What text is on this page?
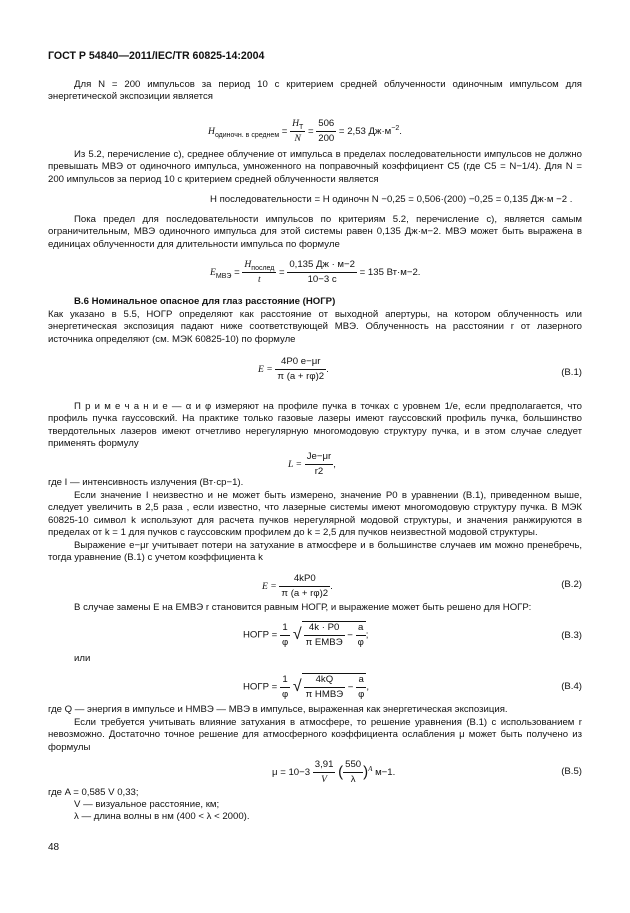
ГОСТ Р 54840—2011/IEC/TR 60825-14:2004

Для N = 200 импульсов за период 10 с критерием средней облученности одиночным импульсом для энергетической экспозиции является

$H_{одиночн. в среднем} = \frac{H_T}{N} = \frac{506}{200} = 2,53$ $Дж\cdot м^{-2}$.

Из 5.2, перечисление с), среднее облучение от импульса в пределах последовательности импульсов не должно превышать МВЭ от одиночного импульса, умноженного на поправочный коэффициент C5 (где C5 = N−1/4). Для N = 200 импульсов за период 10 с критерием средней облученности является

H последовательности = H одиночн N −0,25 = 0,506·(200) −0,25 = 0,135 Дж·м −2 .

Пока предел для последовательности импульсов по критериям 5.2, перечисление с), является самым ограничительным, МВЭ одиночного импульса для этой системы равен 0,135 Дж·м−2. МВЭ может быть выражена в единицах облученности для длительности импульса по формуле

$E_{МВЭ}$ =
$H_{послед}$
t
=
0,135 Дж · м−2
10−3 с
= 135 Вт·м−2.
В.6 Номинальное опасное для глаз расстояние (НОГР)

Как указано в 5.5, НОГР определяют как расстояние от выходной апертуры, на котором облученность или энергетическая экспозиция падают ниже соответствующей МВЭ. Облученность на расстоянии r от лазерного источника определяют (см. МЭК 60825-10) по формуле

$E = \frac{4P0 e-\mu r}{\pi (a + r\varphi)2}$ .	(В.1)

П р и м е ч а н и е — α и φ измеряют на профиле пучка в точках с уровнем 1/e, если предполагается, что профиль пучка гауссовский. На практике только газовые лазеры имеют гауссовский профиль пучка, большинство твердотельных лазеров имеют отчетливо нерегулярную многомодовую структуру пучка, и в этом случае следует применять формулу

$L = \frac{Je-\mu r}{r2}$ ,
где I — интенсивность излучения (Вт·ср−1).

Если значение I неизвестно и не может быть измерено, значение P0 в уравнении (В.1), приведенном выше, следует увеличить в 2,5 раза , если известно, что лазерные системы имеют многомодовую структуру пучка. В МЭК 60825-10 символ k используют для расчета пучков нерегулярной модовой структуры, и значения ранжируются в пределах от k = 1 для пучков с гауссовским профилем до k = 2,5 для пучков неизвестной модовой структуры.

Выражение e−μr учитывает потери на затухание в атмосфере и в большинстве случаев им можно пренебречь, тогда уравнение (В.1) с учетом коэффициента k

$E = \frac{4kP0}{\pi (a + r\varphi)2}$ .	(В.2)

В случае замены E на EМВЭ r становится равным НОГР, и выражение может быть решено для НОГР:

НОГР = $\frac{1}{\varphi}$ √ 4k · P0
π EМВЭ
− $\frac{a}{\varphi}$ ;	(В.3)
или
НОГР = $\frac{1}{\varphi}$ √	4kQ
π HМВЭ
− $\frac{a}{\varphi}$ ,	(В.4)
где Q — энергия в импульсе и HМВЭ — МВЭ в импульсе, выраженная как энергетическая экспозиция.

Если требуется учитывать влияние затухания в атмосфере, то решение уравнения (В.1) с использованием r невозможно. Достаточно точное решение для атмосферного коэффициента ослабления μ может быть получено из формулы

$\mu = 10-3 \frac{3,91}{V}$ ( $\frac{550}{\lambda} )^A$ м−1.	(В.5)
где A = 0,585 V 0,33;
V — визуальное расстояние, км;
λ — длина волны в нм (400 < λ < 2000).
48
